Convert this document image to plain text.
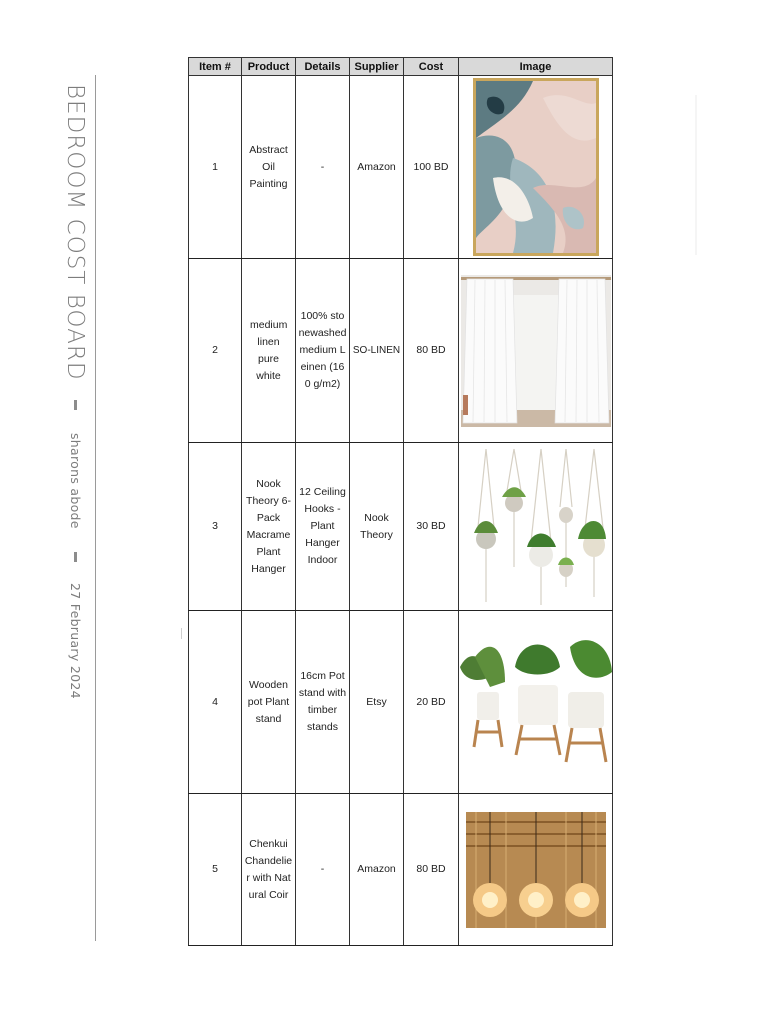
BEDROOM COST BOARD  sharons abode  27 February 2024
Item #	Product	Details	Supplier	Cost	Image
1	Abstract Oil Painting	-	Amazon	100 BD	

2	medium linen pure white	100% stonewashed medium Leinen (160 g/m2)	SO-LINEN	80 BD	

3	Nook Theory 6-Pack Macrame Plant Hanger	12 Ceiling Hooks - Plant Hanger Indoor	Nook Theory	30 BD	

4	Wooden pot Plant stand	16cm Pot stand with timber stands	Etsy	20 BD	

5	Chenkui Chandelier with Natural Coir	-	Amazon	80 BD	
